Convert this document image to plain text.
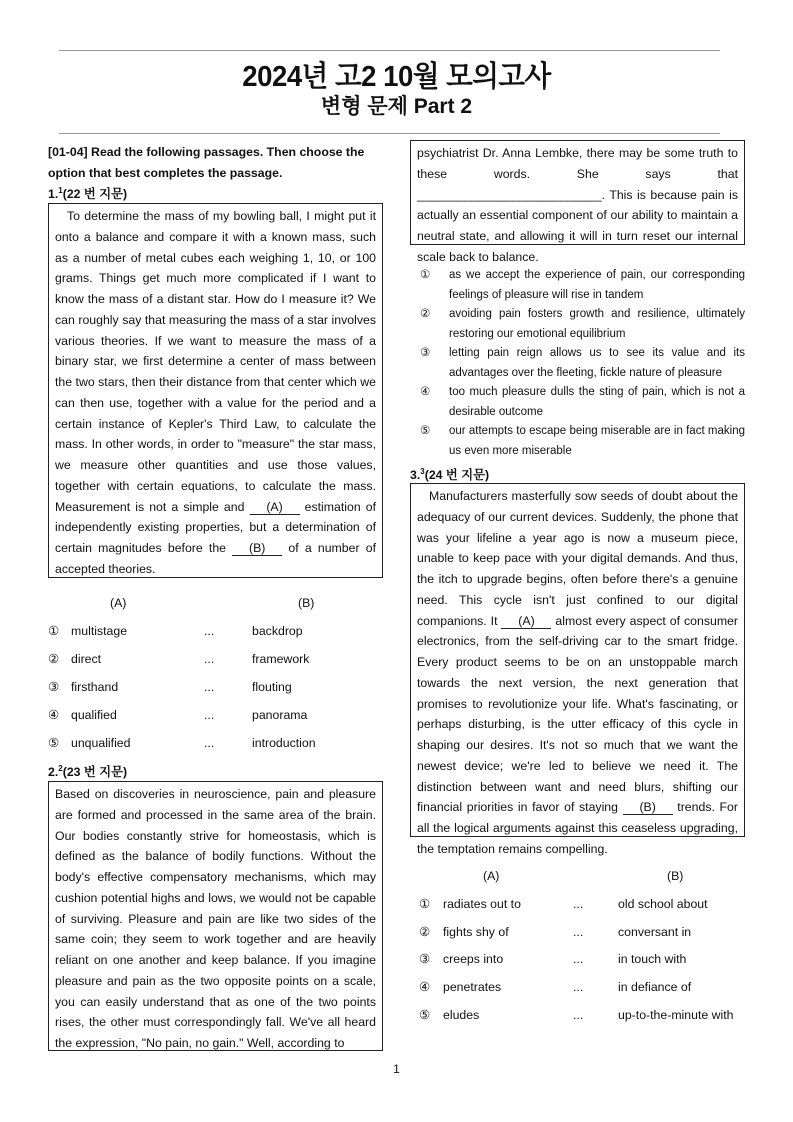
2024년 고2 10월 모의고사
변형 문제 Part 2
[01-04] Read the following passages. Then choose the option that best completes the passage.
1.$^1$(22 번 지문)
To determine the mass of my bowling ball, I might put it onto a balance and compare it with a known mass, such as a number of metal cubes each weighing 1, 10, or 100 grams. Things get much more complicated if I want to know the mass of a distant star. How do I measure it? We can roughly say that measuring the mass of a star involves various theories. If we want to measure the mass of a binary star, we first determine a center of mass between the two stars, then their distance from that center which we can then use, together with a value for the period and a certain instance of Kepler's Third Law, to calculate the mass. In other words, in order to "measure" the star mass, we measure other quantities and use those values, together with certain equations, to calculate the mass. Measurement is not a simple and (A) estimation of independently existing properties, but a determination of certain magnitudes before the (B) of a number of accepted theories.
(A)	(B)
① multistage	...	backdrop
② direct	...	framework
③ firsthand	...	flouting
④ qualified	...	panorama
⑤ unqualified	...	introduction
2.$^2$(23 번 지문)
Based on discoveries in neuroscience, pain and pleasure are formed and processed in the same area of the brain. Our bodies constantly strive for homeostasis, which is defined as the balance of bodily functions. Without the body's effective compensatory mechanisms, which may cushion potential highs and lows, we would not be capable of surviving. Pleasure and pain are like two sides of the same coin; they seem to work together and are heavily reliant on one another and keep balance. If you imagine pleasure and pain as the two opposite points on a scale, you can easily understand that as one of the two points rises, the other must correspondingly fall. We've all heard the expression, "No pain, no gain." Well, according to
psychiatrist Dr. Anna Lembke, there may be some truth to these words. She says that ___________________________. This is because pain is actually an essential component of our ability to maintain a neutral state, and allowing it will in turn reset our internal scale back to balance.
① as we accept the experience of pain, our corresponding feelings of pleasure will rise in tandem
② avoiding pain fosters growth and resilience, ultimately restoring our emotional equilibrium
③ letting pain reign allows us to see its value and its advantages over the fleeting, fickle nature of pleasure
④ too much pleasure dulls the sting of pain, which is not a desirable outcome
⑤ our attempts to escape being miserable are in fact making us even more miserable
3.$^3$(24 번 지문)
Manufacturers masterfully sow seeds of doubt about the adequacy of our current devices. Suddenly, the phone that was your lifeline a year ago is now a museum piece, unable to keep pace with your digital demands. And thus, the itch to upgrade begins, often before there's a genuine need. This cycle isn't just confined to our digital companions. It (A) almost every aspect of consumer electronics, from the self-driving car to the smart fridge. Every product seems to be on an unstoppable march towards the next version, the next generation that promises to revolutionize your life. What's fascinating, or perhaps disturbing, is the utter efficacy of this cycle in shaping our desires. It's not so much that we want the newest device; we're led to believe we need it. The distinction between want and need blurs, shifting our financial priorities in favor of staying (B) trends. For all the logical arguments against this ceaseless upgrading, the temptation remains compelling.
(A)	(B)
① radiates out to	...	old school about
② fights shy of	...	conversant in
③ creeps into	...	in touch with
④ penetrates	...	in defiance of
⑤ eludes	...	up-to-the-minute with
1
